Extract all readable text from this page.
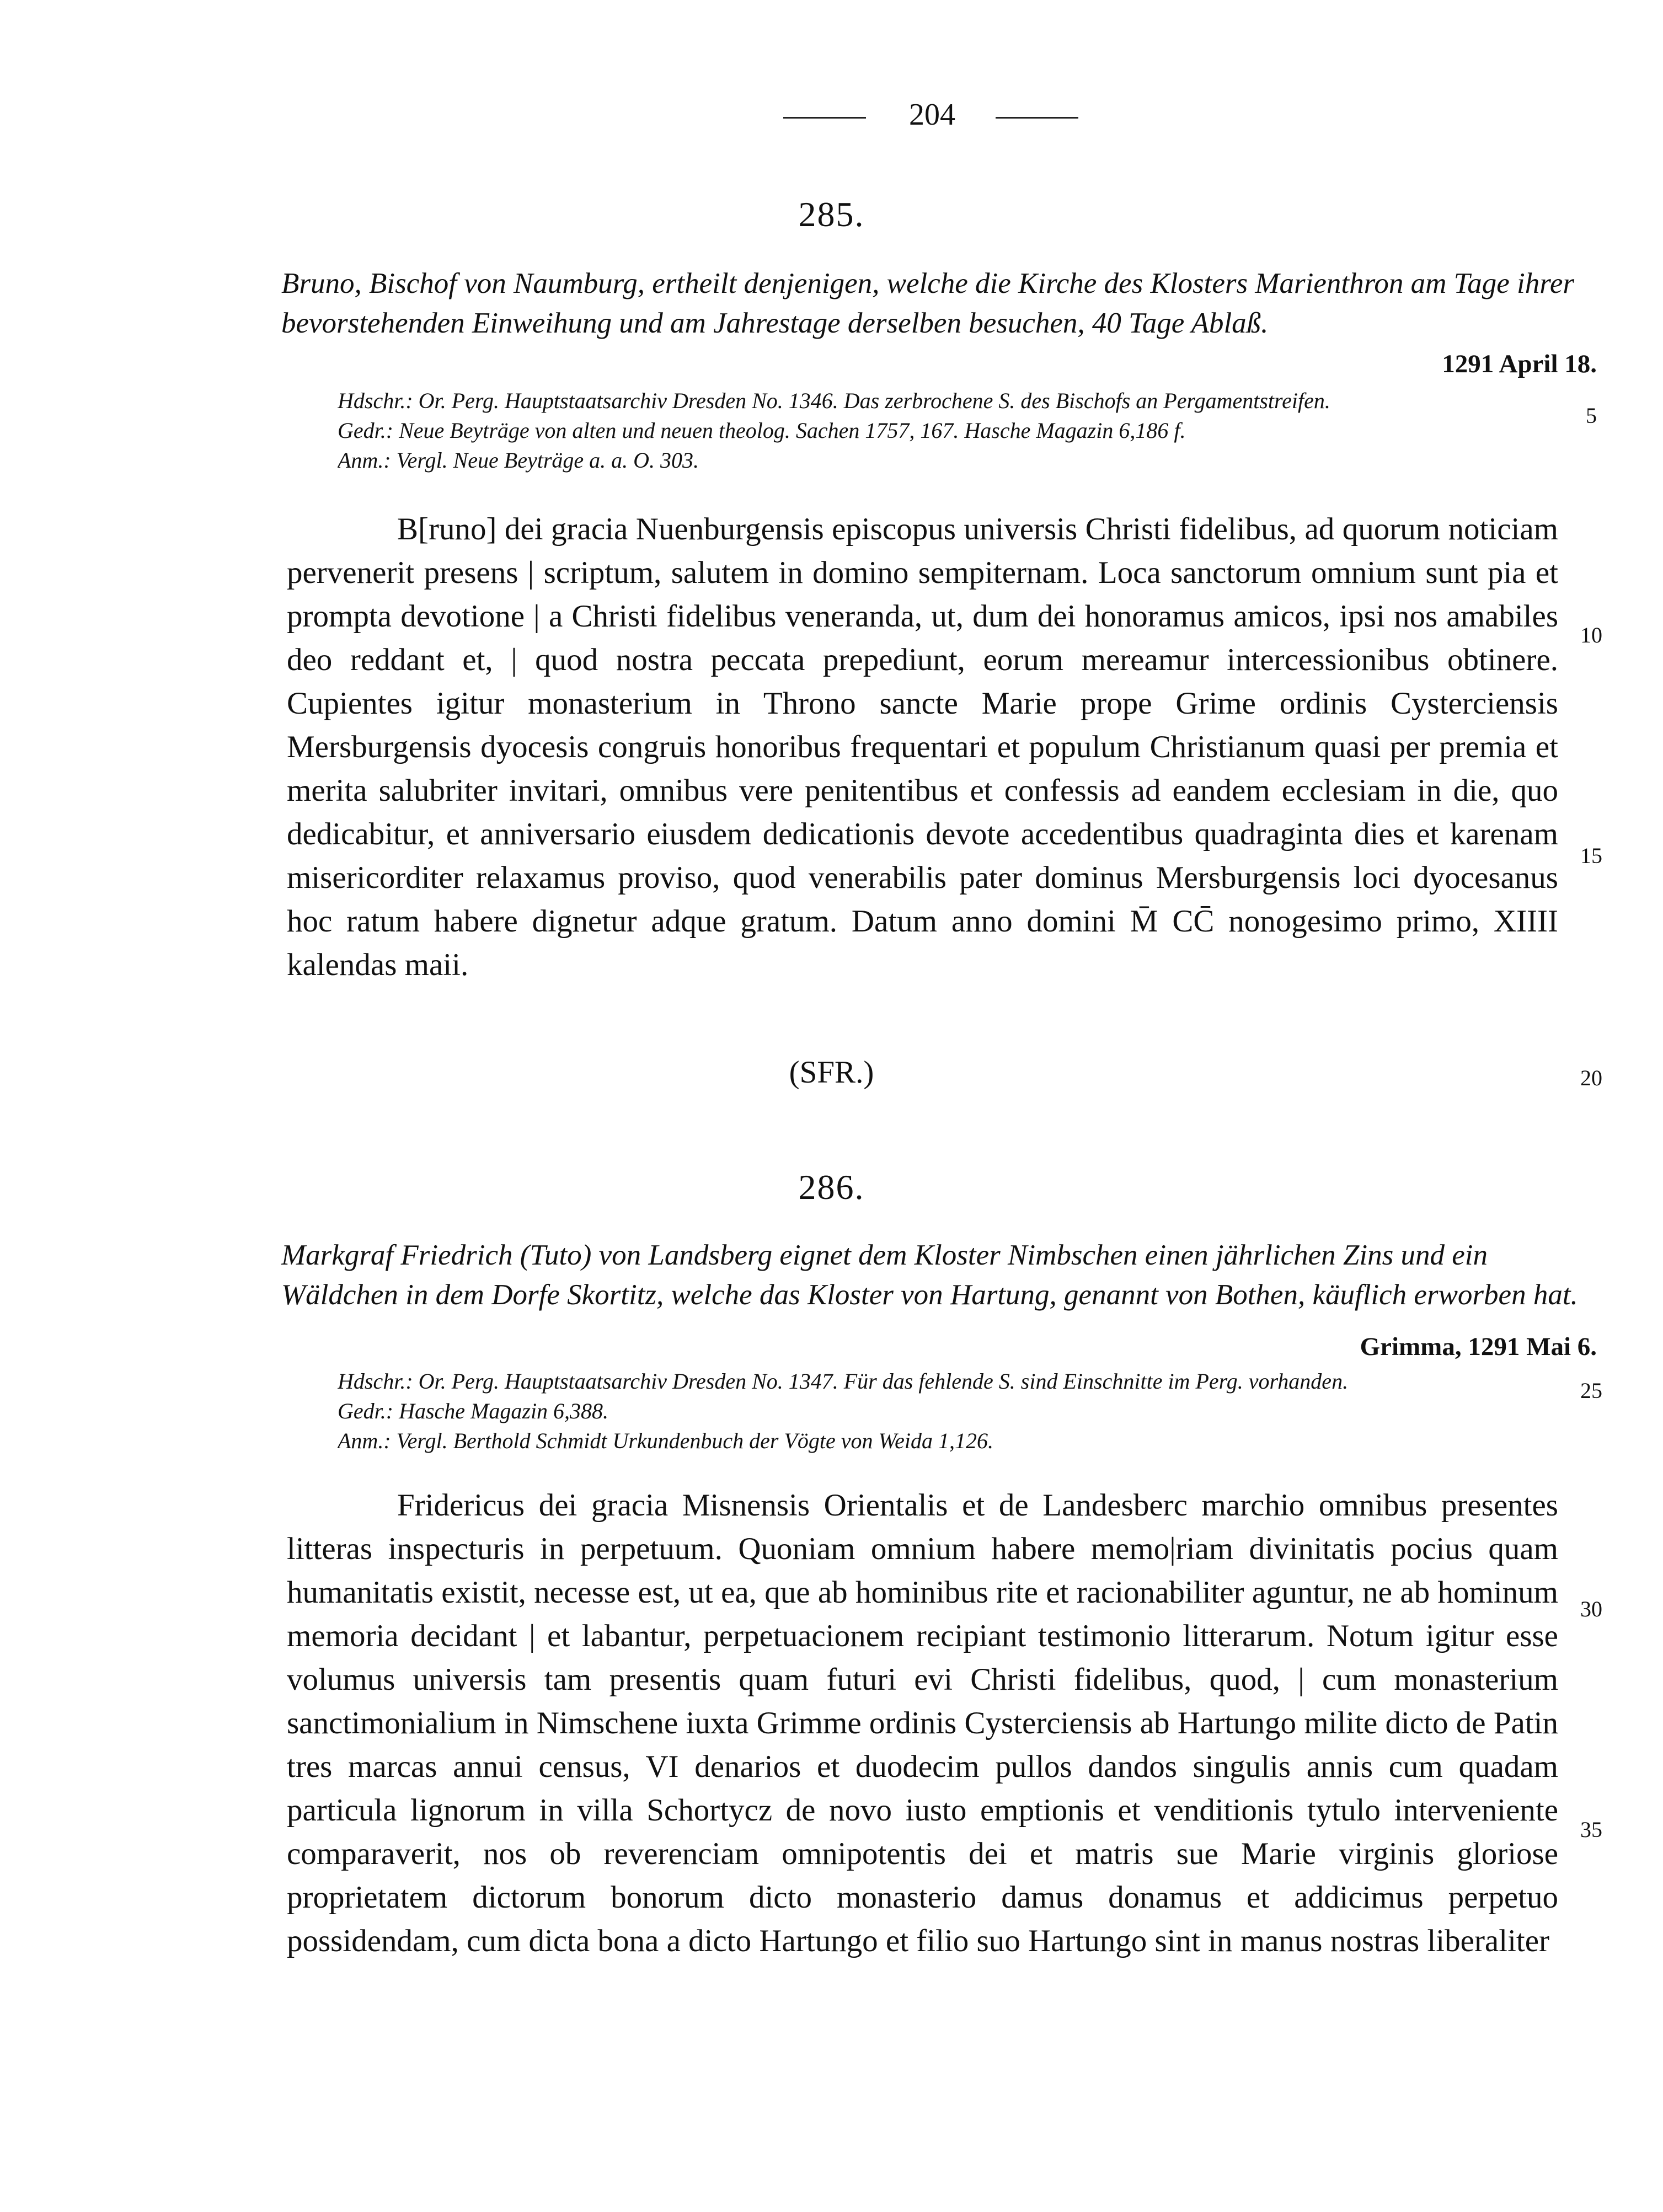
204
285.

Bruno, Bischof von Naumburg, ertheilt denjenigen, welche die Kirche des Klosters Marienthron am Tage ihrer bevorstehenden Einweihung und am Jahrestage derselben besuchen, 40 Tage Ablaß.

1291 April 18.
Hdschr.: Or. Perg. Hauptstaatsarchiv Dresden No. 1346. Das zerbrochene S. des Bischofs an Pergamentstreifen.
Gedr.: Neue Beyträge von alten und neuen theolog. Sachen 1757, 167. Hasche Magazin 6,186 f.
Anm.: Vergl. Neue Beyträge a. a. O. 303.

B[runo] dei gracia Nuenburgensis episcopus universis Christi fidelibus, ad quorum noticiam pervenerit presens | scriptum, salutem in domino sempiternam. Loca sanctorum omnium sunt pia et prompta devotione | a Christi fidelibus veneranda, ut, dum dei honoramus amicos, ipsi nos amabiles deo reddant et, | quod nostra peccata prepediunt, eorum mereamur intercessionibus obtinere. Cupientes igitur monasterium in Throno sancte Marie prope Grime ordinis Cysterciensis Mersburgensis dyocesis congruis honoribus frequentari et populum Christianum quasi per premia et merita salubriter invitari, omnibus vere penitentibus et confessis ad eandem ecclesiam in die, quo dedicabitur, et anniversario eiusdem dedicationis devote accedentibus quadraginta dies et karenam misericorditer relaxamus proviso, quod venerabilis pater dominus Mersburgensis loci dyocesanus hoc ratum habere dignetur adque gratum. Datum anno domini M̄ CC̄ nonogesimo primo, XIIII kalendas maii.

(SFR.)
286.

Markgraf Friedrich (Tuto) von Landsberg eignet dem Kloster Nimbschen einen jährlichen Zins und ein Wäldchen in dem Dorfe Skortitz, welche das Kloster von Hartung, genannt von Bothen, käuflich erworben hat.

Grimma, 1291 Mai 6.
Hdschr.: Or. Perg. Hauptstaatsarchiv Dresden No. 1347. Für das fehlende S. sind Einschnitte im Perg. vorhanden.
Gedr.: Hasche Magazin 6,388.
Anm.: Vergl. Berthold Schmidt Urkundenbuch der Vögte von Weida 1,126.

Fridericus dei gracia Misnensis Orientalis et de Landesberc marchio omnibus presentes litteras inspecturis in perpetuum. Quoniam omnium habere memo|riam divinitatis pocius quam humanitatis existit, necesse est, ut ea, que ab hominibus rite et racionabiliter aguntur, ne ab hominum memoria decidant | et labantur, perpetuacionem recipiant testimonio litterarum. Notum igitur esse volumus universis tam presentis quam futuri evi Christi fidelibus, quod, | cum monasterium sanctimonialium in Nimschene iuxta Grimme ordinis Cysterciensis ab Hartungo milite dicto de Patin tres marcas annui census, VI denarios et duodecim pullos dandos singulis annis cum quadam particula lignorum in villa Schortycz de novo iusto emptionis et venditionis tytulo interveniente comparaverit, nos ob reverenciam omnipotentis dei et matris sue Marie virginis gloriose proprietatem dictorum bonorum dicto monasterio damus donamus et addicimus perpetuo possidendam, cum dicta bona a dicto Hartungo et filio suo Hartungo sint in manus nostras liberaliter

5
10
15
20
25
30
35
